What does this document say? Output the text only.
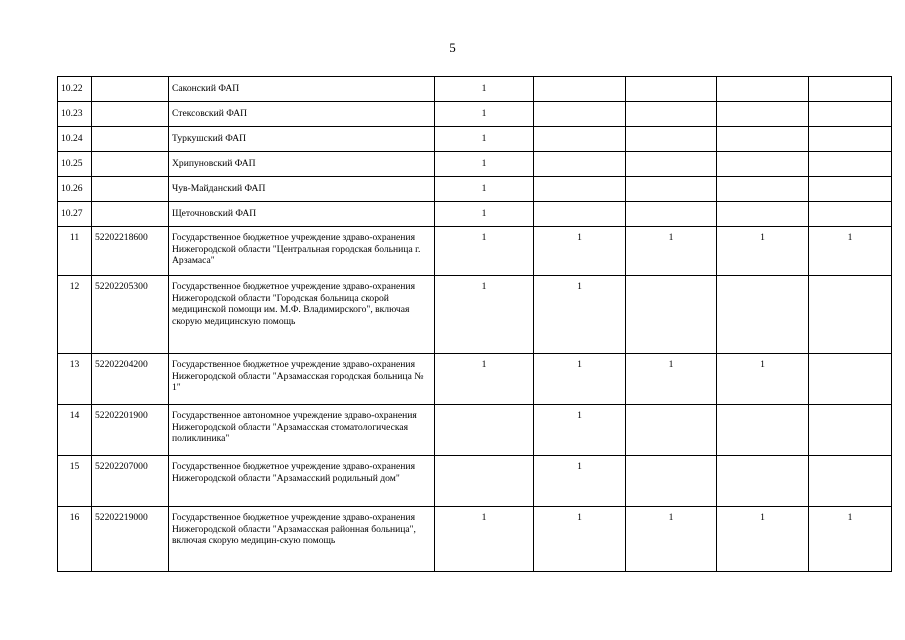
5
10.22		Саконский ФАП	1				
10.23		Стексовский ФАП	1				
10.24		Туркушский ФАП	1				
10.25		Хрипуновский ФАП	1				
10.26		Чув-Майданский ФАП	1				
10.27		Щеточновский ФАП	1				
11	52202218600	Государственное бюджетное учреждение здраво-охранения Нижегородской области "Центральная городская больница г. Арзамаса"	1	1	1	1	1
12	52202205300	Государственное бюджетное учреждение здраво-охранения Нижегородской области "Городская больница скорой медицинской помощи им. М.Ф. Владимирского", включая скорую медицинскую помощь	1	1			
13	52202204200	Государственное бюджетное учреждение здраво-охранения Нижегородской области "Арзамасская городская больница № 1"	1	1	1	1	
14	52202201900	Государственное автономное учреждение здраво-охранения Нижегородской области "Арзамасская стоматологическая поликлиника"		1			
15	52202207000	Государственное бюджетное учреждение здраво-охранения Нижегородской области "Арзамасский родильный дом"		1			
16	52202219000	Государственное бюджетное учреждение здраво-охранения Нижегородской области "Арзамасская районная больница", включая скорую медицин-скую помощь	1	1	1	1	1
